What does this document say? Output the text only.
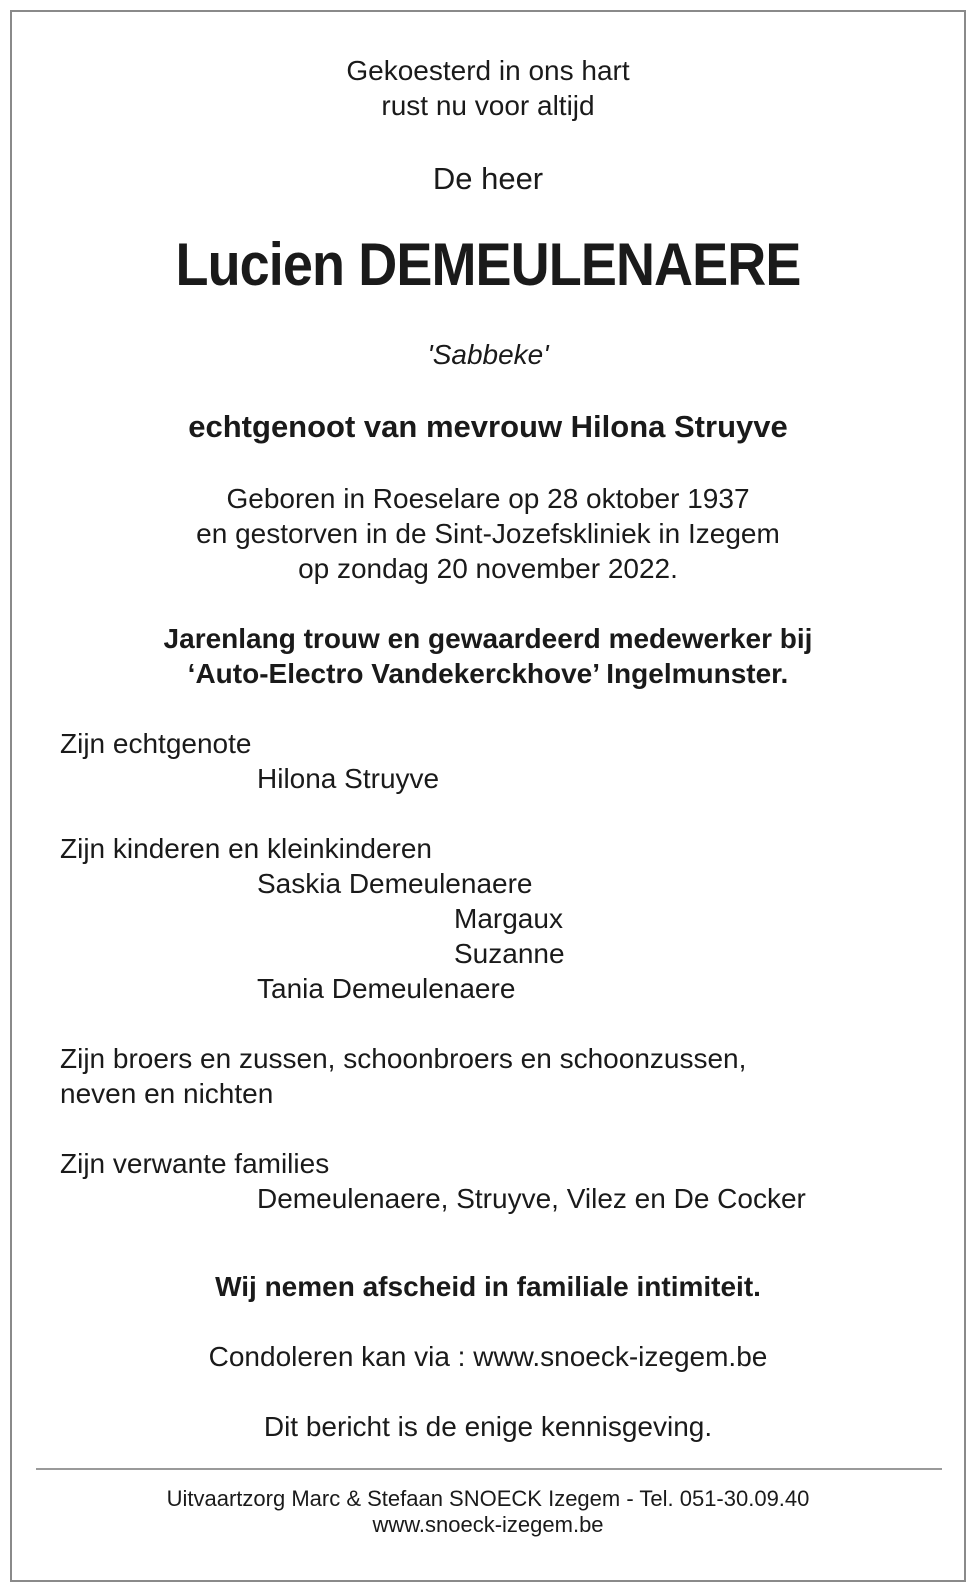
Gekoesterd in ons hart
rust nu voor altijd
De heer
Lucien DEMEULENAERE
'Sabbeke'
echtgenoot van mevrouw Hilona Struyve
Geboren in Roeselare op 28 oktober 1937
en gestorven in de Sint-Jozefskliniek in Izegem
op zondag 20 november 2022.
Jarenlang trouw en gewaardeerd medewerker bij
‘Auto-Electro Vandekerckhove’ Ingelmunster.
Zijn echtgenote
Hilona Struyve
Zijn kinderen en kleinkinderen
Saskia Demeulenaere
Margaux
Suzanne
Tania Demeulenaere
Zijn broers en zussen, schoonbroers en schoonzussen,
neven en nichten
Zijn verwante families
Demeulenaere, Struyve, Vilez en De Cocker
Wij nemen afscheid in familiale intimiteit.
Condoleren kan via : www.snoeck-izegem.be
Dit bericht is de enige kennisgeving.
Uitvaartzorg Marc & Stefaan SNOECK Izegem - Tel. 051-30.09.40
www.snoeck-izegem.be
